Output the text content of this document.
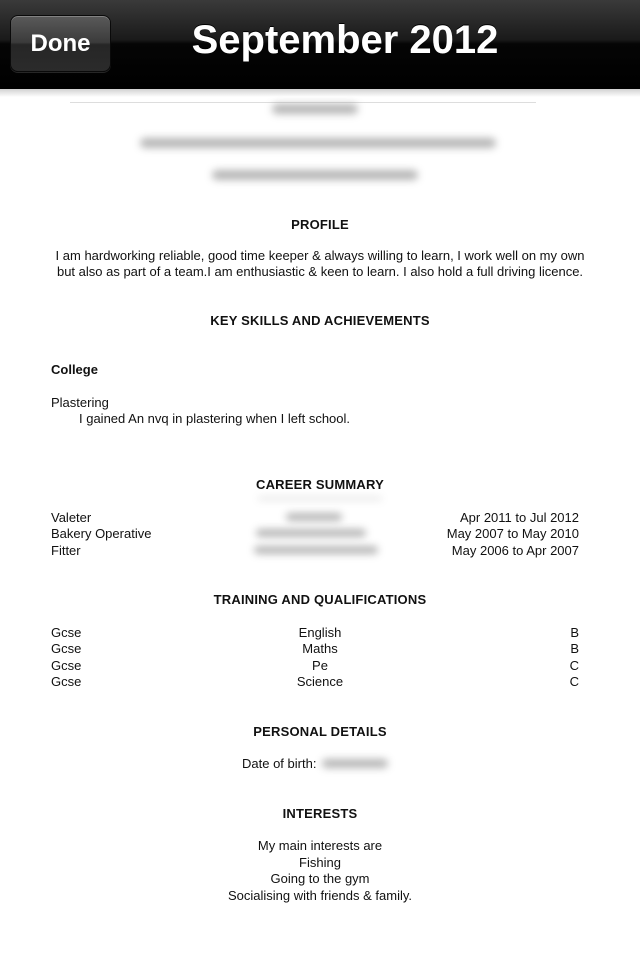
PROFILE
I am hardworking reliable, good time keeper & always willing to learn, I work well on my own
but also as part of a team.I am enthusiastic & keen to learn. I also hold a full driving licence.
KEY SKILLS AND ACHIEVEMENTS
College
Plastering
I gained An nvq in plastering when I left school.
CAREER SUMMARY
Valeter
Bakery Operative
Fitter
Apr 2011 to Jul 2012
May 2007 to May 2010
May 2006 to Apr 2007
TRAINING AND QUALIFICATIONS
Gcse
Gcse
Gcse
Gcse
English
Maths
Pe
Science
B
B
C
C
PERSONAL DETAILS
Date of birth:
INTERESTS
My main interests are
Fishing
Going to the gym
Socialising with friends & family.
Done	September 2012
